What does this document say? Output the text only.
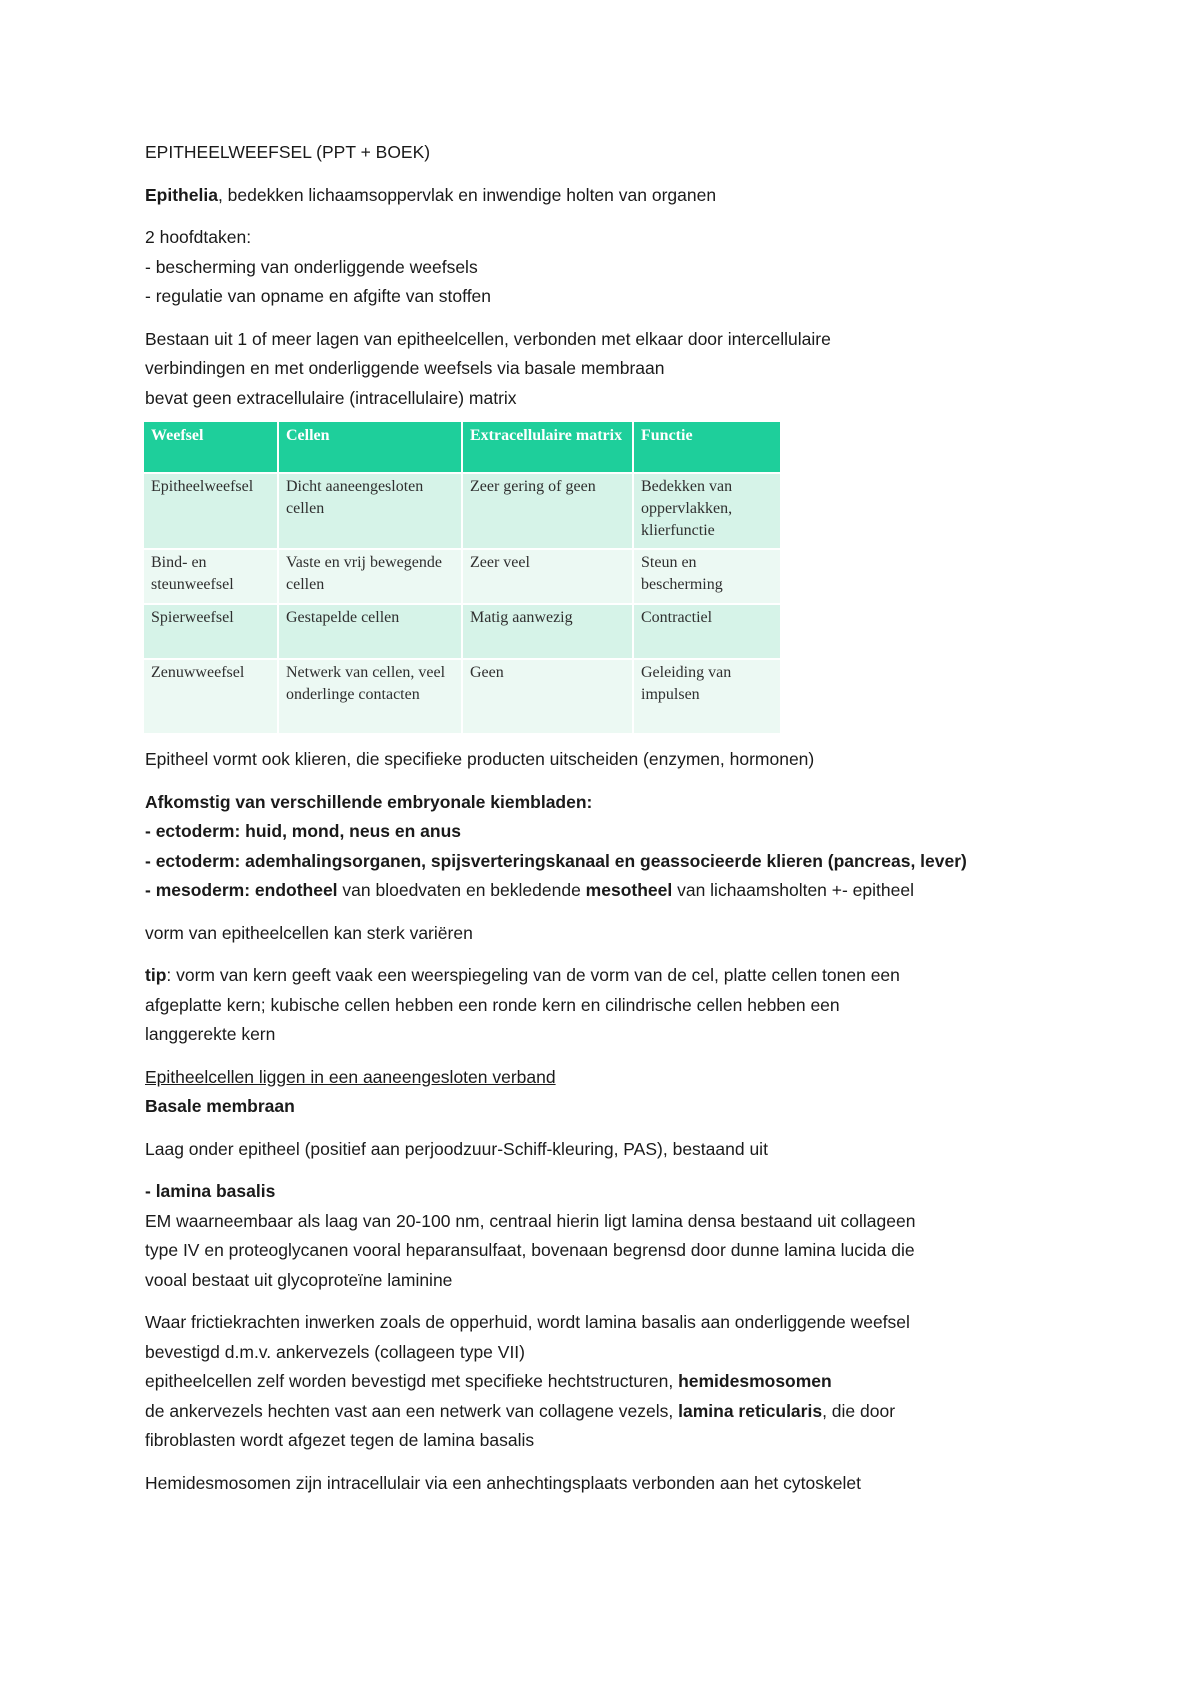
EPITHEELWEEFSEL (PPT + BOEK)

Epithelia, bedekken lichaamsoppervlak en inwendige holten van organen

2 hoofdtaken:

- bescherming van onderliggende weefsels

- regulatie van opname en afgifte van stoffen

Bestaan uit 1 of meer lagen van epitheelcellen, verbonden met elkaar door intercellulaire

verbindingen en met onderliggende weefsels via basale membraan

bevat geen extracellulaire (intracellulaire) matrix

Weefsel	Cellen	Extracellulaire matrix	Functie
Epitheelweefsel	Dicht aaneengesloten cellen	Zeer gering of geen	Bedekken van oppervlakken, klierfunctie
Bind- en steunweefsel	Vaste en vrij bewegende cellen	Zeer veel	Steun en bescherming
Spierweefsel	Gestapelde cellen	Matig aanwezig	Contractiel
Zenuwweefsel	Netwerk van cellen, veel onderlinge contacten	Geen	Geleiding van impulsen

Epitheel vormt ook klieren, die specifieke producten uitscheiden (enzymen, hormonen)

Afkomstig van verschillende embryonale kiembladen:

- ectoderm: huid, mond, neus en anus

- ectoderm: ademhalingsorganen, spijsverteringskanaal en geassocieerde klieren (pancreas, lever)

- mesoderm: endotheel van bloedvaten en bekledende mesotheel van lichaamsholten +- epitheel

vorm van epitheelcellen kan sterk variëren

tip: vorm van kern geeft vaak een weerspiegeling van de vorm van de cel, platte cellen tonen een

afgeplatte kern; kubische cellen hebben een ronde kern en cilindrische cellen hebben een

langgerekte kern

Epitheelcellen liggen in een aaneengesloten verband

Basale membraan

Laag onder epitheel (positief aan perjoodzuur-Schiff-kleuring, PAS), bestaand uit

- lamina basalis

EM waarneembaar als laag van 20-100 nm, centraal hierin ligt lamina densa bestaand uit collageen

type IV en proteoglycanen vooral heparansulfaat, bovenaan begrensd door dunne lamina lucida die

vooal bestaat uit glycoproteïne laminine

Waar frictiekrachten inwerken zoals de opperhuid, wordt lamina basalis aan onderliggende weefsel

bevestigd d.m.v. ankervezels (collageen type VII)

epitheelcellen zelf worden bevestigd met specifieke hechtstructuren, hemidesmosomen

de ankervezels hechten vast aan een netwerk van collagene vezels, lamina reticularis, die door

fibroblasten wordt afgezet tegen de lamina basalis

Hemidesmosomen zijn intracellulair via een anhechtingsplaats verbonden aan het cytoskelet
